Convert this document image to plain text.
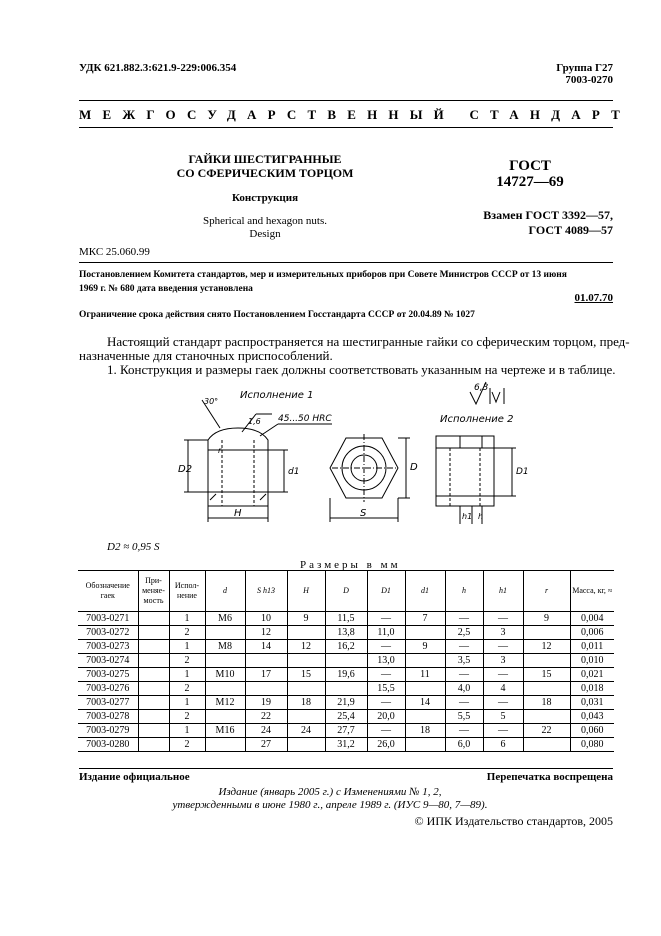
УДК 621.882.3:621.9-229:006.354	Группа Г27
7003-0270
МЕЖГОСУДАРСТВЕННЫЙ СТАНДАРТ
ГАЙКИ ШЕСТИГРАННЫЕ
СО СФЕРИЧЕСКИМ ТОРЦОМ
Конструкция
Spherical and hexagon nuts.
Design
ГОСТ
14727—69
Взамен ГОСТ 3392—57,
ГОСТ 4089—57
МКС 25.060.99
Постановлением Комитета стандартов, мер и измерительных приборов при Совете Министров СССР от 13 июня
1969 г. № 680 дата введения установлена
01.07.70
Ограничение срока действия снято Постановлением Госстандарта СССР от 20.04.89 № 1027
Настоящий стандарт распространяется на шестигранные гайки со сферическим торцом, пред-
назначенные для станочных приспособлений.
1. Конструкция и размеры гаек должны соответствовать указанным на чертеже и в таблице.
Исполнение 1
Исполнение 2
30°
1,6 45...50 HRC
6,3
D2	d1	D	D1
r
H	S	h1 h
D2 ≈ 0,95 S
Размеры в мм
Обозначение гаек	При-меняе-мость	Испол-нение	d	S h13	H	D	D1	d1	h	h1	r	Масса, кг, ≈
7003-0271		1	M6	10	9	11,5	—	7	—	—	9	0,004
7003-0272		2		12		13,8	11,0		2,5	3		0,006
7003-0273		1	M8	14	12	16,2	—	9	—	—	12	0,011
7003-0274		2					13,0		3,5	3		0,010
7003-0275		1	M10	17	15	19,6	—	11	—	—	15	0,021
7003-0276		2					15,5		4,0	4		0,018
7003-0277		1	M12	19	18	21,9	—	14	—	—	18	0,031
7003-0278		2		22		25,4	20,0		5,5	5		0,043
7003-0279		1	M16	24	24	27,7	—	18	—	—	22	0,060
7003-0280		2		27		31,2	26,0		6,0	6		0,080
Издание официальное	Перепечатка воспрещена
Издание (январь 2005 г.) с Изменениями № 1, 2,
утвержденными в июне 1980 г., апреле 1989 г. (ИУС 9—80, 7—89).
© ИПК Издательство стандартов, 2005
